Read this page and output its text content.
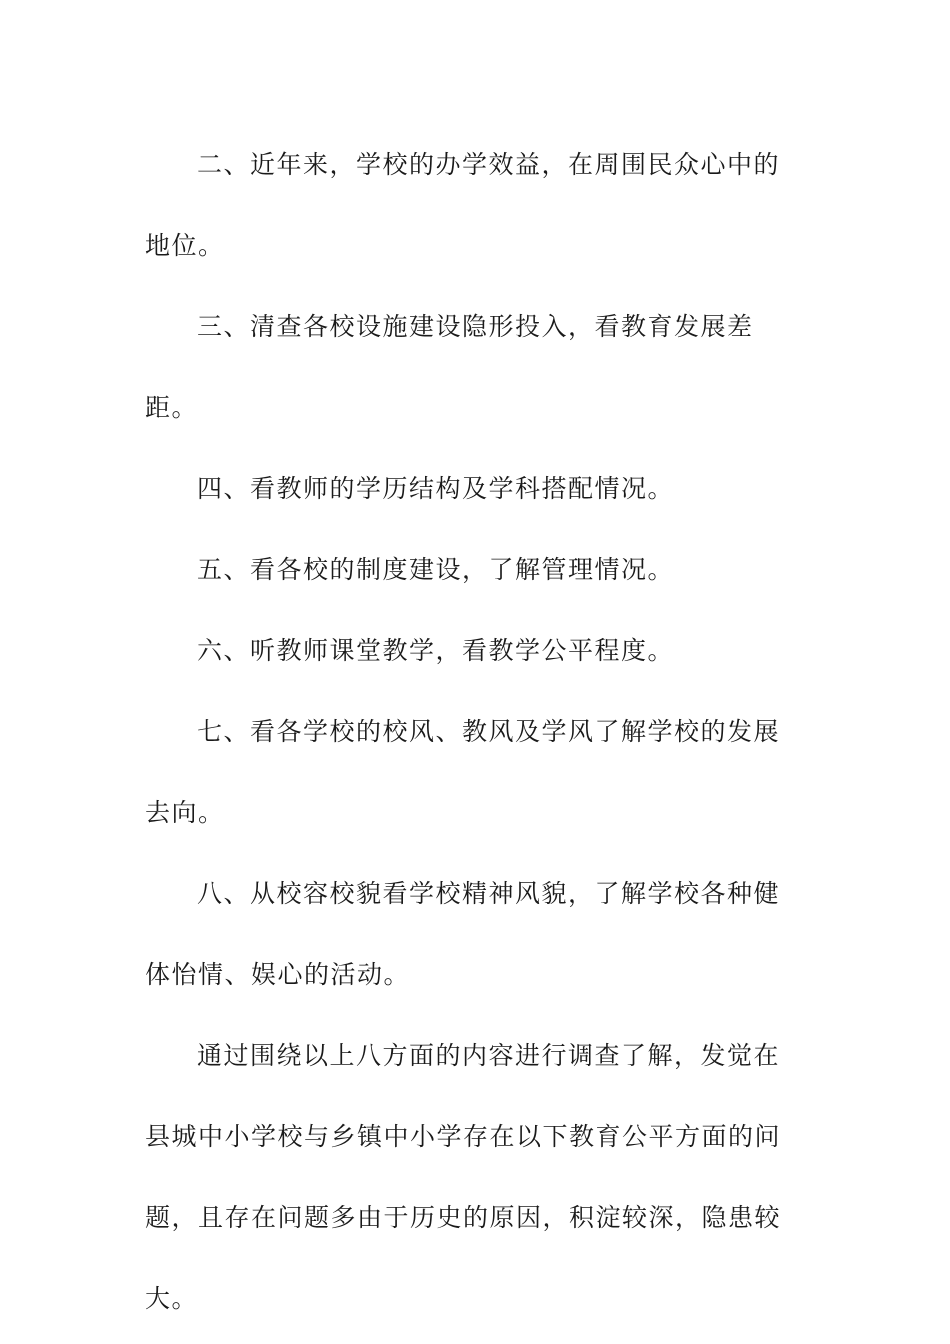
二、近年来，学校的办学效益，在周围民众心中的地位。

三、清查各校设施建设隐形投入，看教育发展差距。

四、看教师的学历结构及学科搭配情况。

五、看各校的制度建设，了解管理情况。

六、听教师课堂教学，看教学公平程度。

七、看各学校的校风、教风及学风了解学校的发展去向。

八、从校容校貌看学校精神风貌，了解学校各种健体怡情、娱心的活动。

通过围绕以上八方面的内容进行调查了解，发觉在县城中小学校与乡镇中小学存在以下教育公平方面的问题，且存在问题多由于历史的原因，积淀较深，隐患较大。
